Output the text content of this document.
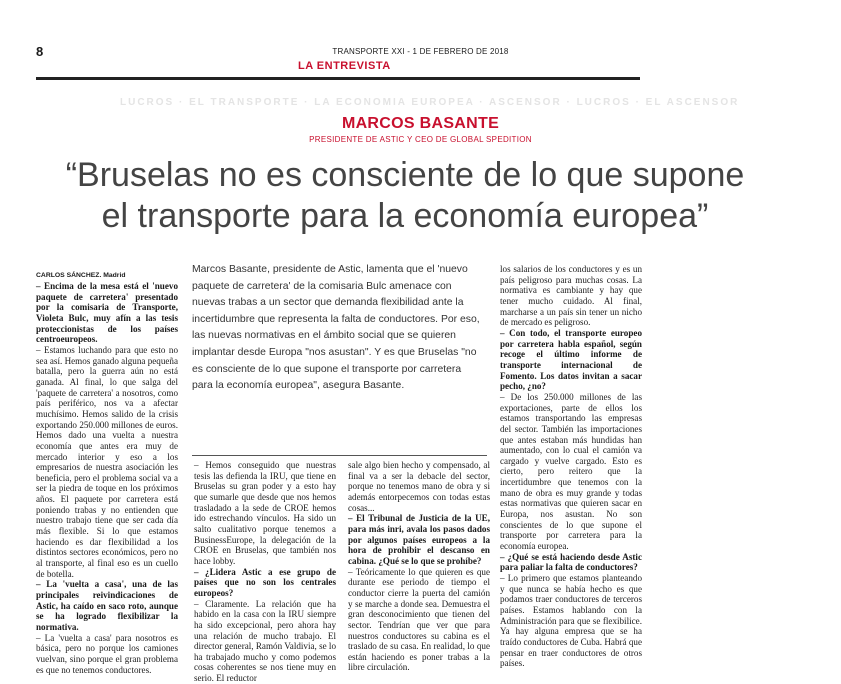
8	TRANSPORTE XXI - 1 DE FEBRERO DE 2018
LA ENTREVISTA
LUCROS · EL TRANSPORTE · LA ECONOMIA EUROPEA · ASCENSOR · LUCROS · EL ASCENSOR
MARCOS BASANTE
PRESIDENTE DE ASTIC Y CEO DE GLOBAL SPEDITION
“Bruselas no es consciente de lo que supone
el transporte para la economía europea”
CARLOS SÁNCHEZ. Madrid
Marcos Basante, presidente de Astic, lamenta que el 'nuevo paquete de carretera' de la comisaria Bulc amenace con nuevas trabas a un sector que demanda flexibilidad ante la incertidumbre que representa la falta de conductores. Por eso, las nuevas normativas en el ámbito social que se quieren implantar desde Europa "nos asustan". Y es que Bruselas "no es consciente de lo que supone el transporte por carretera para la economía europea", asegura Basante.

– Encima de la mesa está el 'nuevo paquete de carretera' presentado por la comisaria de Transporte, Violeta Bulc, muy afín a las tesis proteccionistas de los países centroeuropeos.

– Estamos luchando para que esto no sea así. Hemos ganado alguna pequeña batalla, pero la guerra aún no está ganada. Al final, lo que salga del 'paquete de carretera' a nosotros, como país periférico, nos va a afectar muchísimo. Hemos salido de la crisis exportando 250.000 millones de euros. Hemos dado una vuelta a nuestra economía que antes era muy de mercado interior y eso a los empresarios de nuestra asociación les beneficia, pero el problema social va a ser la piedra de toque en los próximos años. El paquete por carretera está poniendo trabas y no entienden que nuestro trabajo tiene que ser cada día más flexible. Si lo que estamos haciendo es dar flexibilidad a los distintos sectores económicos, pero no al transporte, al final eso es un cuello de botella.

– La 'vuelta a casa', una de las principales reivindicaciones de Astic, ha caído en saco roto, aunque se ha logrado flexibilizar la normativa.

– La 'vuelta a casa' para nosotros es básica, pero no porque los camiones vuelvan, sino porque el gran problema es que no tenemos conductores.

– Hemos conseguido que nuestras tesis las defienda la IRU, que tiene en Bruselas su gran poder y a esto hay que sumarle que desde que nos hemos trasladado a la sede de CROE hemos ido estrechando vínculos. Ha sido un salto cualitativo porque tenemos a BusinessEurope, la delegación de la CROE en Bruselas, que también nos hace lobby.

– ¿Lidera Astic a ese grupo de países que no son los centrales europeos?

– Claramente. La relación que ha habido en la casa con la IRU siempre ha sido excepcional, pero ahora hay una relación de mucho trabajo. El director general, Ramón Valdivia, se lo ha trabajado mucho y como podemos cosas coherentes se nos tiene muy en serio. El reductor

sale algo bien hecho y compensado, al final va a ser la debacle del sector, porque no tenemos mano de obra y si además entorpecemos con todas estas cosas...

– El Tribunal de Justicia de la UE, para más inri, avala los pasos dados por algunos países europeos a la hora de prohibir el descanso en cabina. ¿Qué se lo que se prohíbe?

– Teóricamente lo que quieren es que durante ese periodo de tiempo el conductor cierre la puerta del camión y se marche a donde sea. Demuestra el gran desconocimiento que tienen del sector. Tendrían que ver que para nuestros conductores su cabina es el traslado de su casa. En realidad, lo que están haciendo es poner trabas a la libre circulación.

los salarios de los conductores y es un país peligroso para muchas cosas. La normativa es cambiante y hay que tener mucho cuidado. Al final, marcharse a un país sin tener un nicho de mercado es peligroso.

– Con todo, el transporte europeo por carretera habla español, según recoge el último informe de transporte internacional de Fomento. Los datos invitan a sacar pecho, ¿no?

– De los 250.000 millones de las exportaciones, parte de ellos los estamos transportando las empresas del sector. También las importaciones que antes estaban más hundidas han aumentado, con lo cual el camión va cargado y vuelve cargado. Esto es cierto, pero reitero que la incertidumbre que tenemos con la mano de obra es muy grande y todas estas normativas que quieren sacar en Europa, nos asustan. No son conscientes de lo que supone el transporte por carretera para la economía europea.

– ¿Qué se está haciendo desde Astic para paliar la falta de conductores?

– Lo primero que estamos planteando y que nunca se había hecho es que podamos traer conductores de terceros países. Estamos hablando con la Administración para que se flexibilice. Ya hay alguna empresa que se ha traído conductores de Cuba. Habrá que pensar en traer conductores de otros países.
